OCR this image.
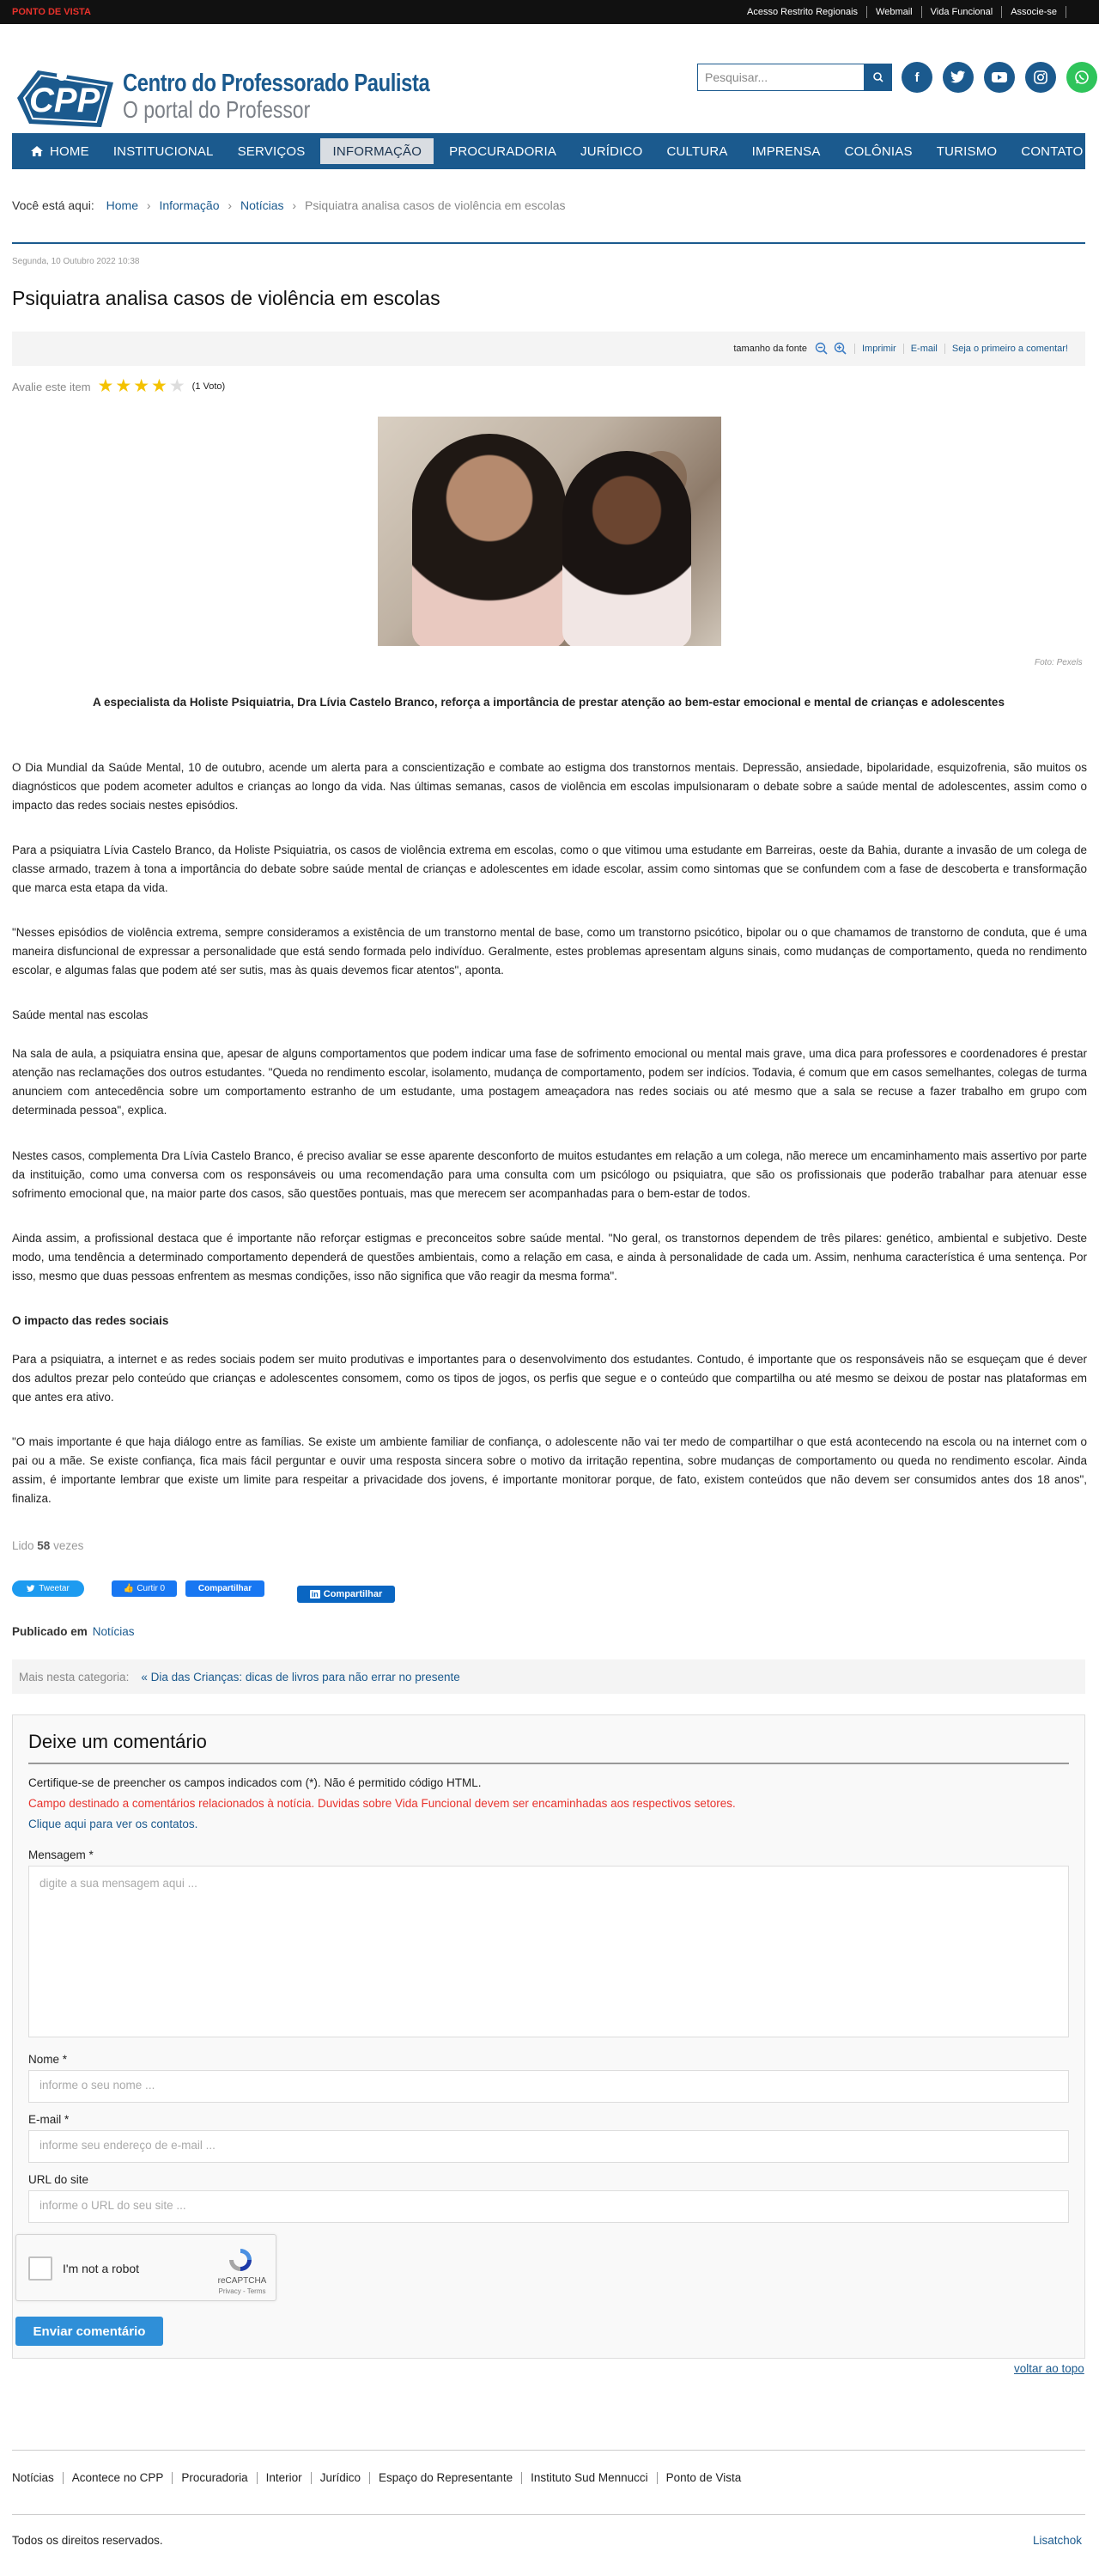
PONTO DE VISTA	Acesso Restrito Regionais	Webmail	Vida Funcional	Associe-se
CPP Centro do Professorado Paulista
O portal do Professor
Pesquisar...	f
HOME	INSTITUCIONAL	SERVIÇOS	INFORMAÇÃO	PROCURADORIA	JURÍDICO	CULTURA	IMPRENSA	COLÔNIAS	TURISMO	CONTATO
Você está aqui: Home › Informação › Notícias › Psiquiatra analisa casos de violência em escolas
Segunda, 10 Outubro 2022 10:38
Psiquiatra analisa casos de violência em escolas
tamanho da fonte	Imprimir	E-mail	Seja o primeiro a comentar!
Avalie este item ★ ★ ★ ★ ★ (1 Voto)
Foto: Pexels
A especialista da Holiste Psiquiatria, Dra Lívia Castelo Branco, reforça a importância de prestar atenção ao bem-estar emocional e mental de crianças e adolescentes
O Dia Mundial da Saúde Mental, 10 de outubro, acende um alerta para a conscientização e combate ao estigma dos transtornos mentais. Depressão, ansiedade, bipolaridade, esquizofrenia, são muitos os diagnósticos que podem acometer adultos e crianças ao longo da vida. Nas últimas semanas, casos de violência em escolas impulsionaram o debate sobre a saúde mental de adolescentes, assim como o impacto das redes sociais nestes episódios.
Para a psiquiatra Lívia Castelo Branco, da Holiste Psiquiatria, os casos de violência extrema em escolas, como o que vitimou uma estudante em Barreiras, oeste da Bahia, durante a invasão de um colega de classe armado, trazem à tona a importância do debate sobre saúde mental de crianças e adolescentes em idade escolar, assim como sintomas que se confundem com a fase de descoberta e transformação que marca esta etapa da vida.
"Nesses episódios de violência extrema, sempre consideramos a existência de um transtorno mental de base, como um transtorno psicótico, bipolar ou o que chamamos de transtorno de conduta, que é uma maneira disfuncional de expressar a personalidade que está sendo formada pelo indivíduo. Geralmente, estes problemas apresentam alguns sinais, como mudanças de comportamento, queda no rendimento escolar, e algumas falas que podem até ser sutis, mas às quais devemos ficar atentos", aponta.
Saúde mental nas escolas
Na sala de aula, a psiquiatra ensina que, apesar de alguns comportamentos que podem indicar uma fase de sofrimento emocional ou mental mais grave, uma dica para professores e coordenadores é prestar atenção nas reclamações dos outros estudantes. "Queda no rendimento escolar, isolamento, mudança de comportamento, podem ser indícios. Todavia, é comum que em casos semelhantes, colegas de turma anunciem com antecedência sobre um comportamento estranho de um estudante, uma postagem ameaçadora nas redes sociais ou até mesmo que a sala se recuse a fazer trabalho em grupo com determinada pessoa", explica.
Nestes casos, complementa Dra Lívia Castelo Branco, é preciso avaliar se esse aparente desconforto de muitos estudantes em relação a um colega, não merece um encaminhamento mais assertivo por parte da instituição, como uma conversa com os responsáveis ou uma recomendação para uma consulta com um psicólogo ou psiquiatra, que são os profissionais que poderão trabalhar para atenuar esse sofrimento emocional que, na maior parte dos casos, são questões pontuais, mas que merecem ser acompanhadas para o bem-estar de todos.
Ainda assim, a profissional destaca que é importante não reforçar estigmas e preconceitos sobre saúde mental. "No geral, os transtornos dependem de três pilares: genético, ambiental e subjetivo. Deste modo, uma tendência a determinado comportamento dependerá de questões ambientais, como a relação em casa, e ainda à personalidade de cada um. Assim, nenhuma característica é uma sentença. Por isso, mesmo que duas pessoas enfrentem as mesmas condições, isso não significa que vão reagir da mesma forma".
O impacto das redes sociais
Para a psiquiatra, a internet e as redes sociais podem ser muito produtivas e importantes para o desenvolvimento dos estudantes. Contudo, é importante que os responsáveis não se esqueçam que é dever dos adultos prezar pelo conteúdo que crianças e adolescentes consomem, como os tipos de jogos, os perfis que segue e o conteúdo que compartilha ou até mesmo se deixou de postar nas plataformas em que antes era ativo.
"O mais importante é que haja diálogo entre as famílias. Se existe um ambiente familiar de confiança, o adolescente não vai ter medo de compartilhar o que está acontecendo na escola ou na internet com o pai ou a mãe. Se existe confiança, fica mais fácil perguntar e ouvir uma resposta sincera sobre o motivo da irritação repentina, sobre mudanças de comportamento ou queda no rendimento escolar. Ainda assim, é importante lembrar que existe um limite para respeitar a privacidade dos jovens, é importante monitorar porque, de fato, existem conteúdos que não devem ser consumidos antes dos 18 anos", finaliza.
Lido 58 vezes
Tweetar	👍 Curtir 0	Compartilhar
in Compartilhar
Publicado em Notícias
Mais nesta categoria: « Dia das Crianças: dicas de livros para não errar no presente
Deixe um comentário
Certifique-se de preencher os campos indicados com (*). Não é permitido código HTML.
Campo destinado a comentários relacionados à notícia. Duvidas sobre Vida Funcional devem ser encaminhadas aos respectivos setores.
Clique aqui para ver os contatos.
Mensagem *
digite a sua mensagem aqui ...
Nome *
informe o seu nome ...
E-mail *
informe seu endereço de e-mail ...
URL do site
informe o URL do seu site ...
I'm not a robot
reCAPTCHA
Privacy - Terms
Enviar comentário
voltar ao topo
Notícias	Acontece no CPP	Procuradoria	Interior	Jurídico	Espaço do Representante	Instituto Sud Mennucci	Ponto de Vista
Todos os direitos reservados.	Lisatchok
